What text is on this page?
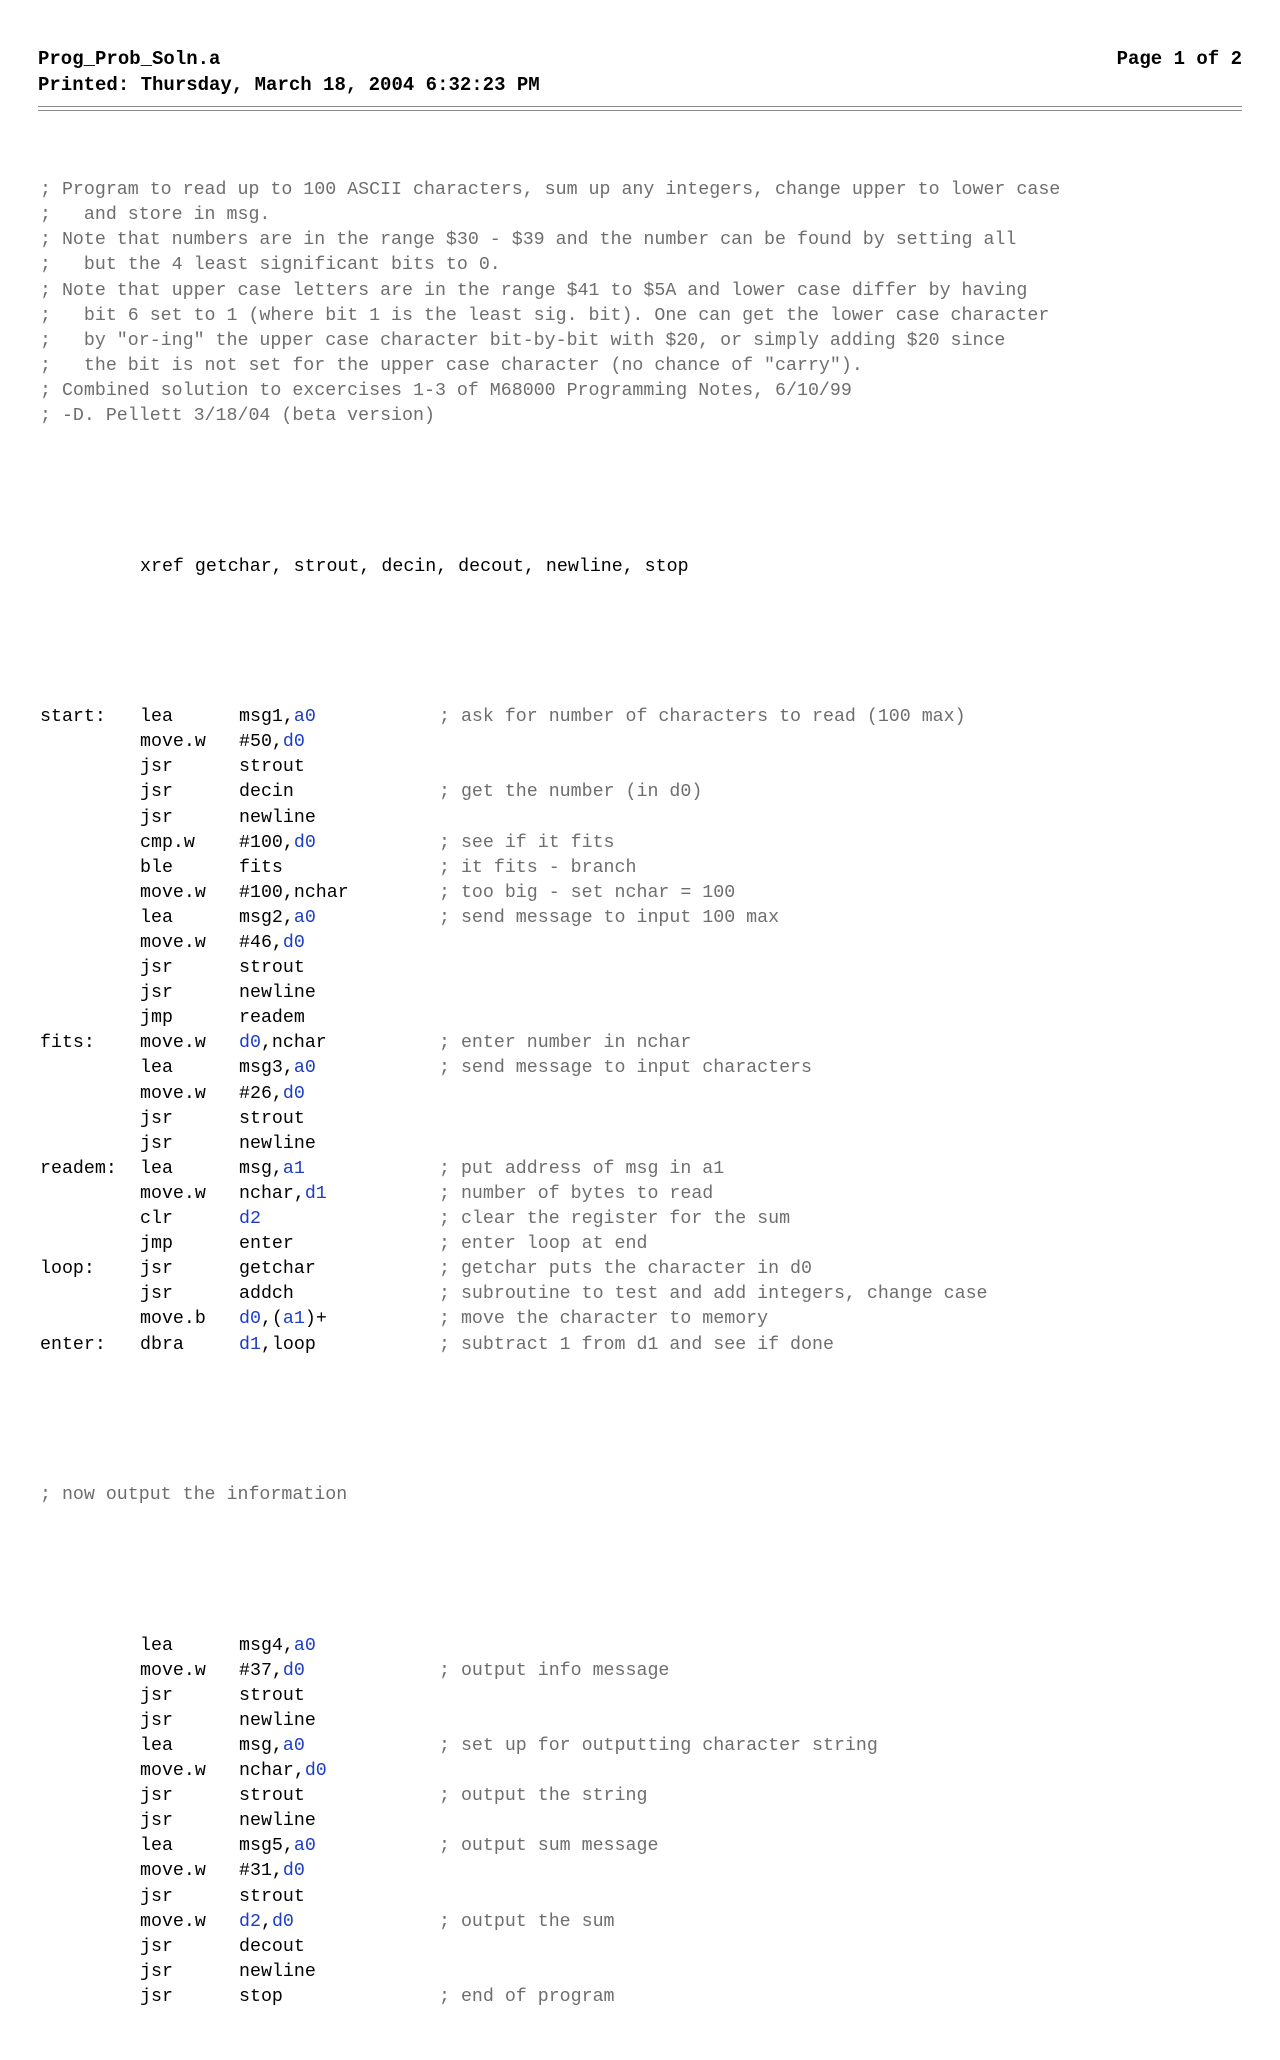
Prog_Prob_Soln.a	Page 1 of 2
Printed: Thursday, March 18, 2004 6:32:23 PM

; Program to read up to 100 ASCII characters, sum up any integers, change upper to lower case
;   and store in msg.
; Note that numbers are in the range $30 - $39 and the number can be found by setting all
;   but the 4 least significant bits to 0.
; Note that upper case letters are in the range $41 to $5A and lower case differ by having
;   bit 6 set to 1 (where bit 1 is the least sig. bit). One can get the lower case character
;   by "or-ing" the upper case character bit-by-bit with $20, or simply adding $20 since
;   the bit is not set for the upper case character (no chance of "carry").
; Combined solution to excercises 1-3 of M68000 Programming Notes, 6/10/99
; -D. Pellett 3/18/04 (beta version)

xref
getchar, strout, decin, decout, newline, stop

start:	lea	msg1,a0	; ask for number of characters to read (100 max)
move.w	#50,d0
jsr	strout
jsr	decin	; get the number (in d0)
jsr	newline
cmp.w	#100,d0	; see if it fits
ble	fits	; it fits - branch
move.w	#100,nchar	; too big - set nchar = 100
lea	msg2,a0	; send message to input 100 max
move.w	#46,d0
jsr	strout
jsr	newline
jmp	readem
fits:	move.w	d0,nchar	; enter number in nchar
lea	msg3,a0	; send message to input characters
move.w	#26,d0
jsr	strout
jsr	newline
readem:	lea	msg,a1	; put address of msg in a1
move.w	nchar,d1	; number of bytes to read
clr	d2	; clear the register for the sum
jmp	enter	; enter loop at end
loop:	jsr	getchar	; getchar puts the character in d0
jsr	addch	; subroutine to test and add integers, change case
move.b	d0,(a1)+	; move the character to memory
enter:	dbra	d1,loop	; subtract 1 from d1 and see if done

; now output the information

lea	msg4,a0
move.w	#37,d0	; output info message
jsr	strout
jsr	newline
lea	msg,a0	; set up for outputting character string
move.w	nchar,d0
jsr	strout	; output the string
jsr	newline
lea	msg5,a0	; output sum message
move.w	#31,d0
jsr	strout
move.w	d2,d0	; output the sum
jsr	decout
jsr	newline
jsr	stop	; end of program
